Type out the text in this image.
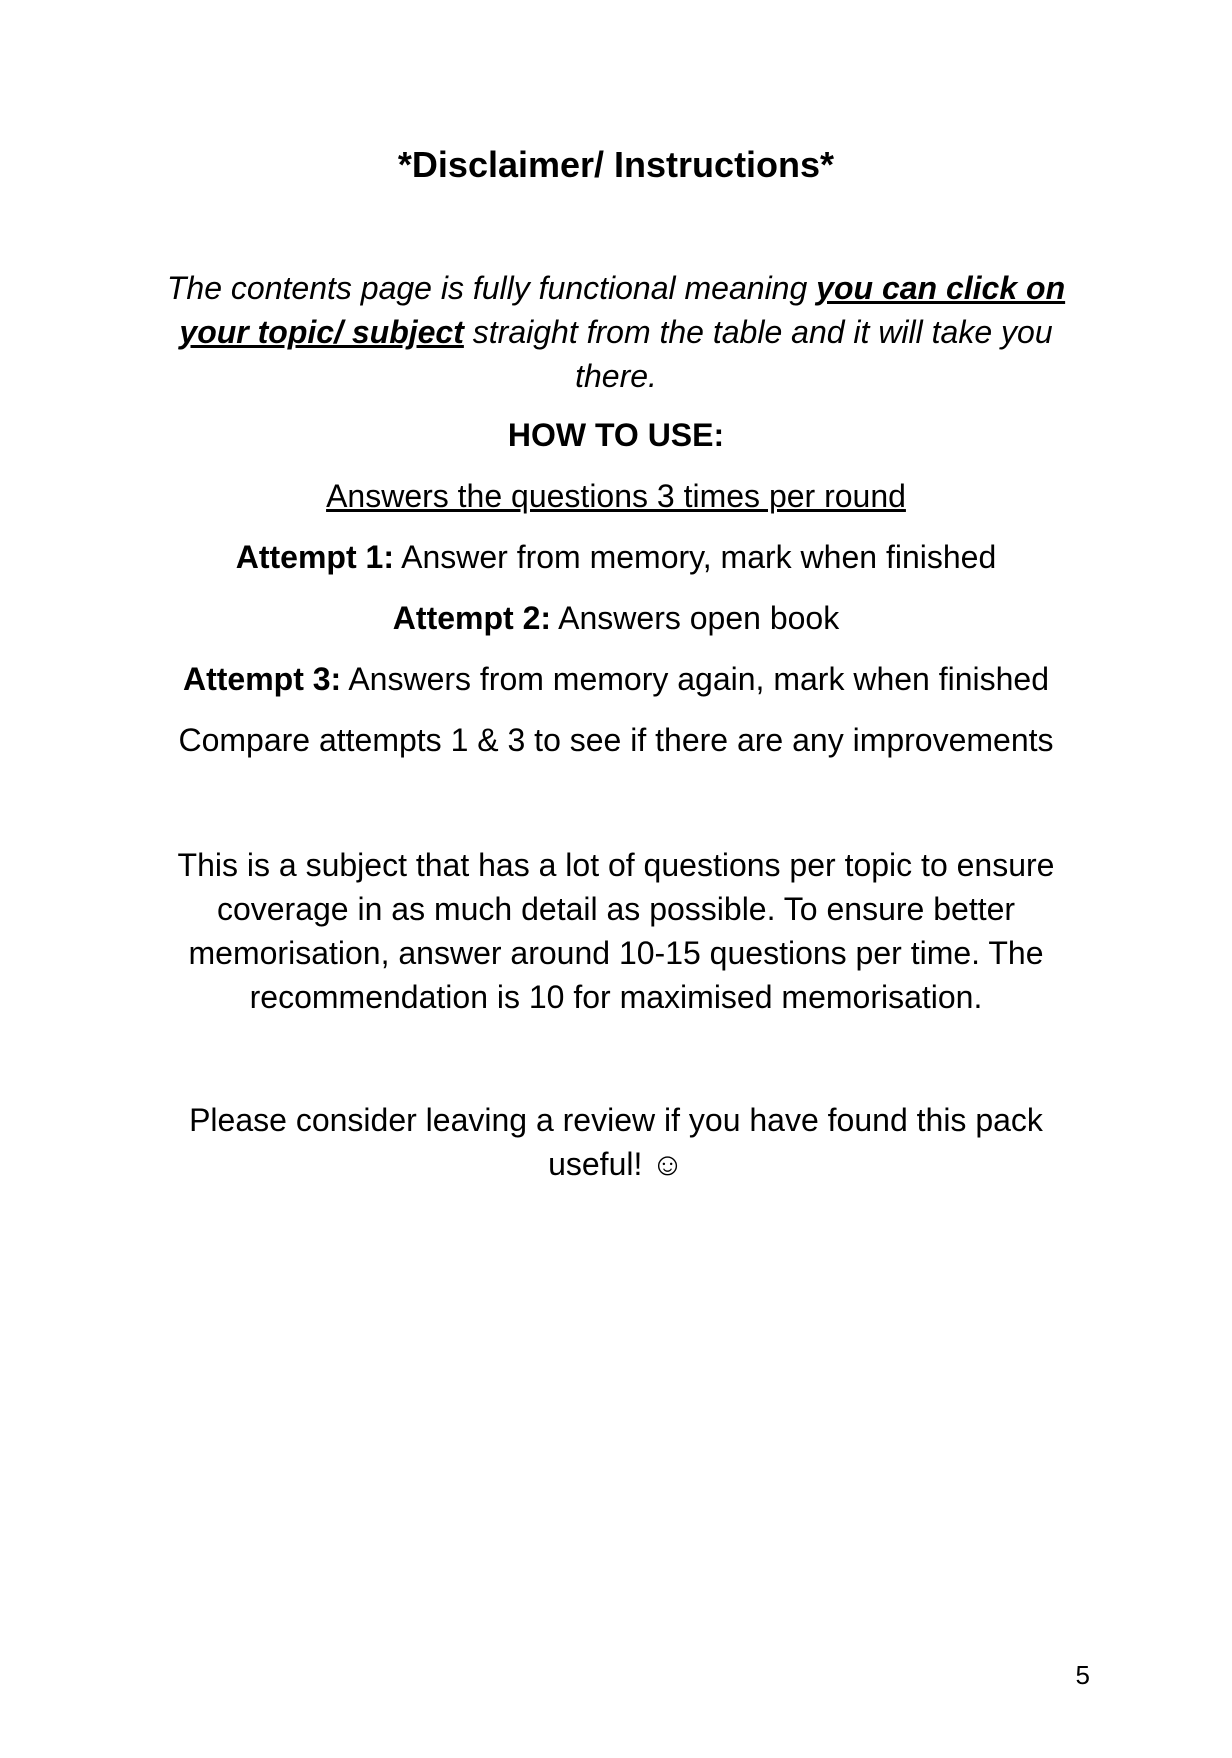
*Disclaimer/ Instructions*

The contents page is fully functional meaning you can click on your topic/ subject straight from the table and it will take you there.

HOW TO USE:

Answers the questions 3 times per round

Attempt 1: Answer from memory, mark when finished

Attempt 2: Answers open book

Attempt 3: Answers from memory again, mark when finished

Compare attempts 1 & 3 to see if there are any improvements

This is a subject that has a lot of questions per topic to ensure coverage in as much detail as possible. To ensure better memorisation, answer around 10-15 questions per time. The recommendation is 10 for maximised memorisation.

Please consider leaving a review if you have found this pack useful! ☺

5
